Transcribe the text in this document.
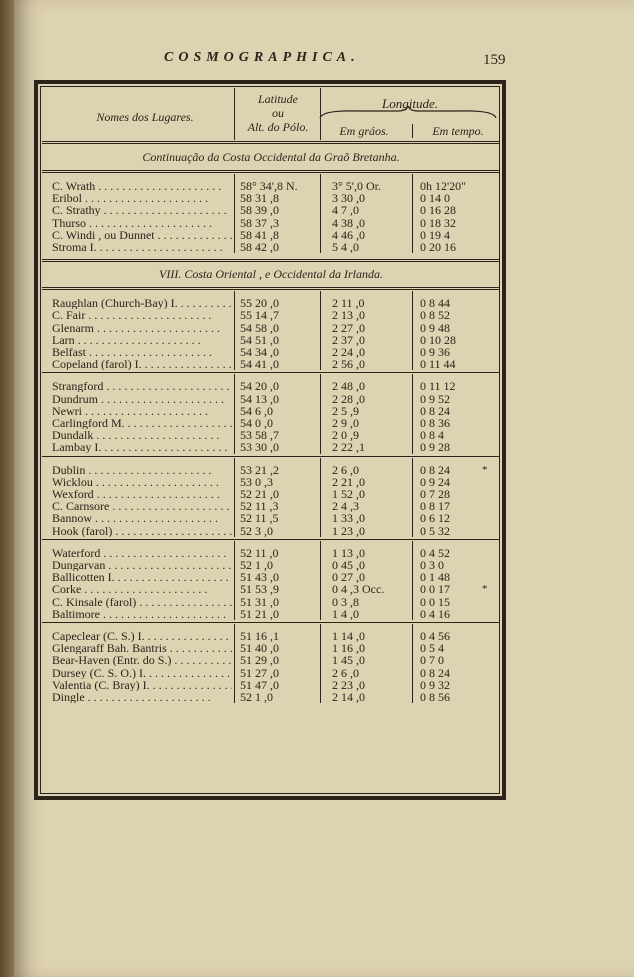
COSMOGRAPHICA.	159
Nomes dos Lugares.
Latitude
ou
Alt. do Pólo.
Longitude.
Em gráos.	Em tempo.
Continuação da Costa Occidental da Graõ Bretanha.
C. Wrath . . .	58° 34',8 N.	3° 5',0 Or.	0h 12'20"
Eribol . . .	58 31 ,8	3 30 ,0	0 14 0
C. Strathy . . .	58 39 ,0	4 7 ,0	0 16 28
Thurso . . .	58 37 ,3	4 38 ,0	0 18 32
C. Windi , ou Dunnet . . .	58 41 ,8	4 46 ,0	0 19 4
Stroma I. . . .	58 42 ,0	5 4 ,0	0 20 16
VIII. Costa Oriental , e Occidental da Irlanda.
Raughlan (Church-Bay) I. . . .	55 20 ,0	2 11 ,0	0 8 44
C. Fair . . .	55 14 ,7	2 13 ,0	0 8 52
Glenarm . . .	54 58 ,0	2 27 ,0	0 9 48
Larn . . .	54 51 ,0	2 37 ,0	0 10 28
Belfast . . .	54 34 ,0	2 24 ,0	0 9 36
Copeland (farol) I. . . .	54 41 ,0	2 56 ,0	0 11 44
Strangford . . .	54 20 ,0	2 48 ,0	0 11 12
Dundrum . . .	54 13 ,0	2 28 ,0	0 9 52
Newri . . .	54 6 ,0	2 5 ,9	0 8 24
Carlingford M. . . .	54 0 ,0	2 9 ,0	0 8 36
Dundalk . . .	53 58 ,7	2 0 ,9	0 8 4
Lambay I. . . .	53 30 ,0	2 22 ,1	0 9 28
Dublin . . .	53 21 ,2	2 6 ,0	0 8 24	*
Wicklou . . .	53 0 ,3	2 21 ,0	0 9 24
Wexford . . .	52 21 ,0	1 52 ,0	0 7 28
C. Carnsore . . .	52 11 ,3	2 4 ,3	0 8 17
Bannow . . .	52 11 ,5	1 33 ,0	0 6 12
Hook (farol) . . .	52 3 ,0	1 23 ,0	0 5 32
Waterford . . .	52 11 ,0	1 13 ,0	0 4 52
Dungarvan . . .	52 1 ,0	0 45 ,0	0 3 0
Ballicotten I. . . .	51 43 ,0	0 27 ,0	0 1 48
Corke . . .	51 53 ,9	0 4 ,3 Occ.	0 0 17	*
C. Kinsale (farol) . . .	51 31 ,0	0 3 ,8	0 0 15
Baltimore . . .	51 21 ,0	1 4 ,0	0 4 16
Capeclear (C. S.) I. . . .	51 16 ,1	1 14 ,0	0 4 56
Glengaraff Bah. Bantris . . .	51 40 ,0	1 16 ,0	0 5 4
Bear-Haven (Entr. do S.) . . .	51 29 ,0	1 45 ,0	0 7 0
Dursey (C. S. O.) I. . . .	51 27 ,0	2 6 ,0	0 8 24
Valentia (C. Bray) I. . . .	51 47 ,0	2 23 ,0	0 9 32
Dingle . . .	52 1 ,0	2 14 ,0	0 8 56
